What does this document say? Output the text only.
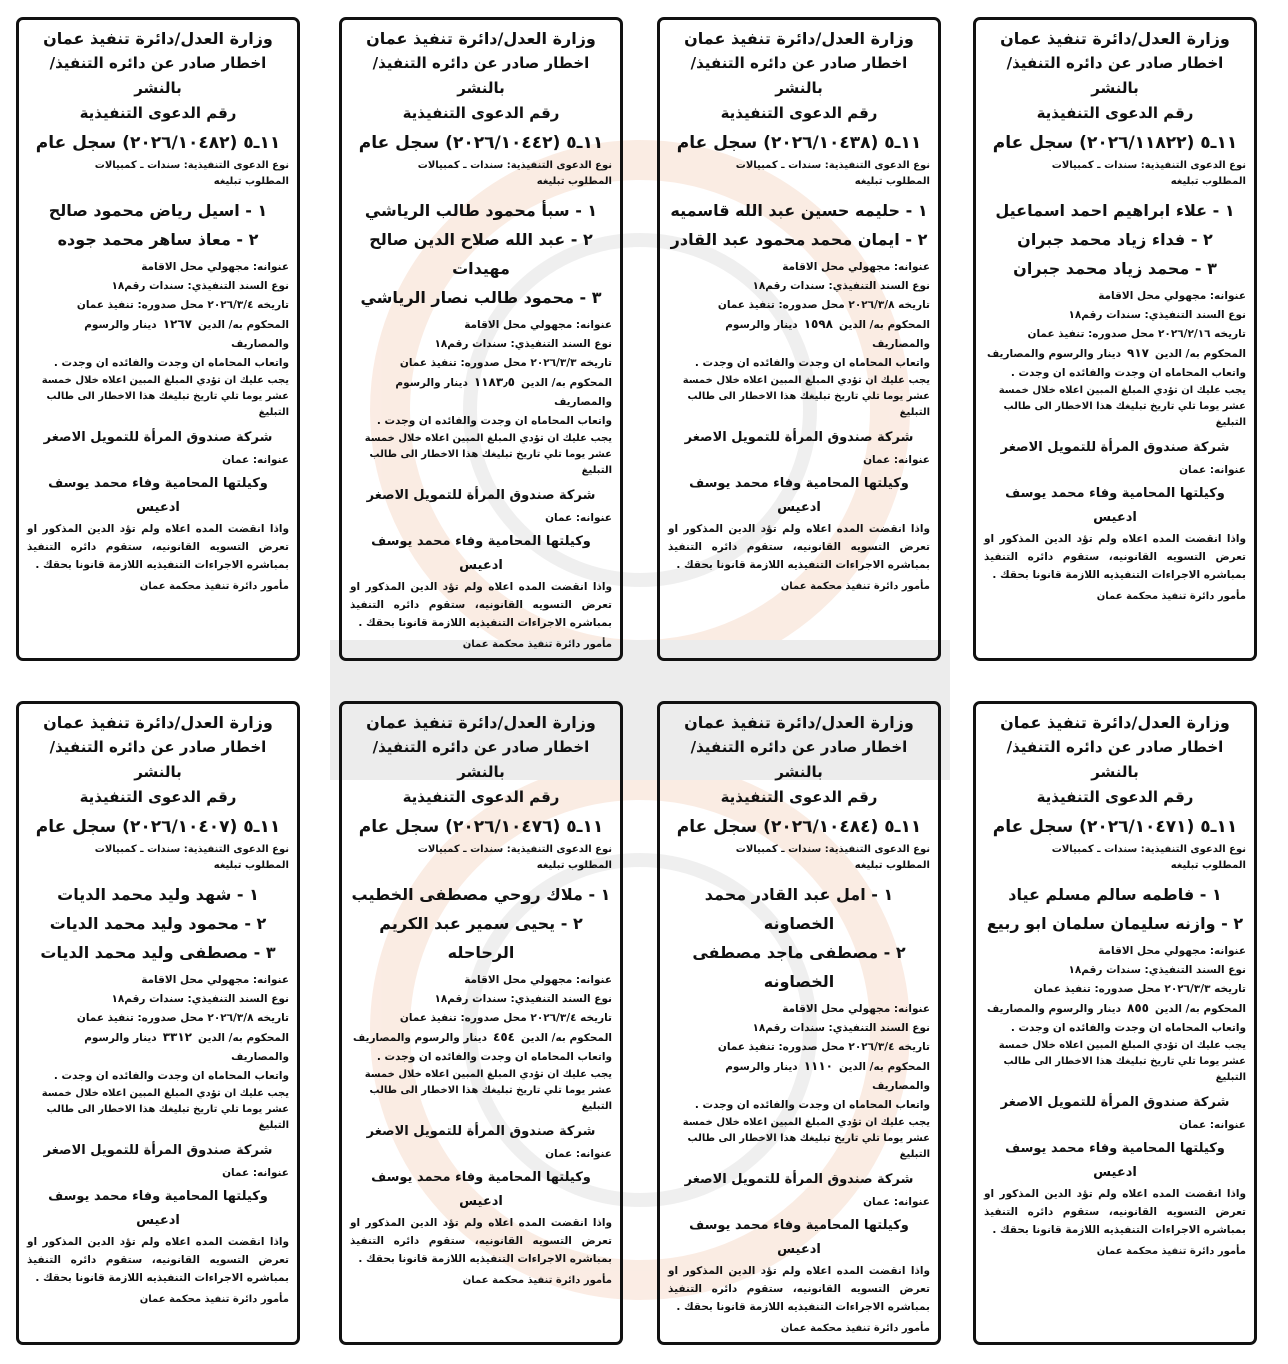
وزارة العدل/دائرة تنفيذ عمان
اخطار صادر عن دائره التنفيذ/ بالنشر
رقم الدعوى التنفيذية
١١ـ٥ (٢٠٢٦/١١٨٢٢) سجل عام
نوع الدعوى التنفيذية: سندات ـ كمبيالات
المطلوب تبليغه
١ - علاء ابراهيم احمد اسماعيل
٢ - فداء زياد محمد جبران
٣ - محمد زياد محمد جبران
عنوانه: مجهولي محل الاقامة
نوع السند التنفيذي: سندات رقم١٨
تاريخه ٢٠٢٦/٢/١٦ محل صدوره: تنفيذ عمان
المحكوم به/ الدين٩١٧دينار والرسوم والمصاريف
واتعاب المحاماه ان وجدت والفائده ان وجدت .
يجب عليك ان تؤدي المبلغ المبين اعلاه خلال خمسة عشر يوما تلي تاريخ تبليغك هذا الاخطار الى طالب التبليغ
شركة صندوق المرأة للتمويل الاصغر
عنوانه: عمان
وكيلتها المحامية وفاء محمد يوسف ادعيس
واذا انقضت المده اعلاه ولم تؤد الدين المذكور او تعرض التسويه القانونيه، ستقوم دائره التنفيذ بمباشره الاجراءات التنفيذيه اللازمة قانونا بحقك .
مأمور دائرة تنفيذ محكمة عمان
وزارة العدل/دائرة تنفيذ عمان
اخطار صادر عن دائره التنفيذ/ بالنشر
رقم الدعوى التنفيذية
١١ـ٥ (٢٠٢٦/١٠٤٣٨) سجل عام
نوع الدعوى التنفيذية: سندات ـ كمبيالات
المطلوب تبليغه
١ - حليمه حسين عبد الله قاسميه
٢ - ايمان محمد محمود عبد القادر
عنوانه: مجهولي محل الاقامة
نوع السند التنفيذي: سندات رقم١٨
تاريخه ٢٠٢٦/٣/٨ محل صدوره: تنفيذ عمان
المحكوم به/ الدين١٥٩٨دينار والرسوم والمصاريف
واتعاب المحاماه ان وجدت والفائده ان وجدت .
يجب عليك ان تؤدي المبلغ المبين اعلاه خلال خمسة عشر يوما تلي تاريخ تبليغك هذا الاخطار الى طالب التبليغ
شركة صندوق المرأة للتمويل الاصغر
عنوانه: عمان
وكيلتها المحامية وفاء محمد يوسف ادعيس
واذا انقضت المده اعلاه ولم تؤد الدين المذكور او تعرض التسويه القانونيه، ستقوم دائره التنفيذ بمباشره الاجراءات التنفيذيه اللازمة قانونا بحقك .
مأمور دائرة تنفيذ محكمة عمان
وزارة العدل/دائرة تنفيذ عمان
اخطار صادر عن دائره التنفيذ/ بالنشر
رقم الدعوى التنفيذية
١١ـ٥ (٢٠٢٦/١٠٤٤٢) سجل عام
نوع الدعوى التنفيذية: سندات ـ كمبيالات
المطلوب تبليغه
١ - سبأ محمود طالب الرياشي
٢ - عبد الله صلاح الدين صالح مهيدات
٣ - محمود طالب نصار الرياشي
عنوانه: مجهولي محل الاقامة
نوع السند التنفيذي: سندات رقم١٨
تاريخه ٢٠٢٦/٣/٣ محل صدوره: تنفيذ عمان
المحكوم به/ الدين١١٨٣٫٥دينار والرسوم والمصاريف
واتعاب المحاماه ان وجدت والفائده ان وجدت .
يجب عليك ان تؤدي المبلغ المبين اعلاه خلال خمسة عشر يوما تلي تاريخ تبليغك هذا الاخطار الى طالب التبليغ
شركة صندوق المرأة للتمويل الاصغر
عنوانه: عمان
وكيلتها المحامية وفاء محمد يوسف ادعيس
واذا انقضت المده اعلاه ولم تؤد الدين المذكور او تعرض التسويه القانونيه، ستقوم دائره التنفيذ بمباشره الاجراءات التنفيذيه اللازمة قانونا بحقك .
مأمور دائرة تنفيذ محكمة عمان
وزارة العدل/دائرة تنفيذ عمان
اخطار صادر عن دائره التنفيذ/ بالنشر
رقم الدعوى التنفيذية
١١ـ٥ (٢٠٢٦/١٠٤٨٢) سجل عام
نوع الدعوى التنفيذية: سندات ـ كمبيالات
المطلوب تبليغه
١ - اسيل رياض محمود صالح
٢ - معاذ ساهر محمد جوده
عنوانه: مجهولي محل الاقامة
نوع السند التنفيذي: سندات رقم١٨
تاريخه ٢٠٢٦/٣/٤ محل صدوره: تنفيذ عمان
المحكوم به/ الدين١٢٦٧دينار والرسوم والمصاريف
واتعاب المحاماه ان وجدت والفائده ان وجدت .
يجب عليك ان تؤدي المبلغ المبين اعلاه خلال خمسة عشر يوما تلي تاريخ تبليغك هذا الاخطار الى طالب التبليغ
شركة صندوق المرأة للتمويل الاصغر
عنوانه: عمان
وكيلتها المحامية وفاء محمد يوسف ادعيس
واذا انقضت المده اعلاه ولم تؤد الدين المذكور او تعرض التسويه القانونيه، ستقوم دائره التنفيذ بمباشره الاجراءات التنفيذيه اللازمة قانونا بحقك .
مأمور دائرة تنفيذ محكمة عمان
وزارة العدل/دائرة تنفيذ عمان
اخطار صادر عن دائره التنفيذ/ بالنشر
رقم الدعوى التنفيذية
١١ـ٥ (٢٠٢٦/١٠٤٧١) سجل عام
نوع الدعوى التنفيذية: سندات ـ كمبيالات
المطلوب تبليغه
١ - فاطمه سالم مسلم عياد
٢ - وازنه سليمان سلمان ابو ربيع
عنوانه: مجهولي محل الاقامة
نوع السند التنفيذي: سندات رقم١٨
تاريخه ٢٠٢٦/٣/٣ محل صدوره: تنفيذ عمان
المحكوم به/ الدين٨٥٥دينار والرسوم والمصاريف
واتعاب المحاماه ان وجدت والفائده ان وجدت .
يجب عليك ان تؤدي المبلغ المبين اعلاه خلال خمسة عشر يوما تلي تاريخ تبليغك هذا الاخطار الى طالب التبليغ
شركة صندوق المرأة للتمويل الاصغر
عنوانه: عمان
وكيلتها المحامية وفاء محمد يوسف ادعيس
واذا انقضت المده اعلاه ولم تؤد الدين المذكور او تعرض التسويه القانونيه، ستقوم دائره التنفيذ بمباشره الاجراءات التنفيذيه اللازمة قانونا بحقك .
مأمور دائرة تنفيذ محكمة عمان
وزارة العدل/دائرة تنفيذ عمان
اخطار صادر عن دائره التنفيذ/ بالنشر
رقم الدعوى التنفيذية
١١ـ٥ (٢٠٢٦/١٠٤٨٤) سجل عام
نوع الدعوى التنفيذية: سندات ـ كمبيالات
المطلوب تبليغه
١ - امل عبد القادر محمد الخصاونه
٢ - مصطفى ماجد مصطفى الخصاونه
عنوانه: مجهولي محل الاقامة
نوع السند التنفيذي: سندات رقم١٨
تاريخه ٢٠٢٦/٣/٤ محل صدوره: تنفيذ عمان
المحكوم به/ الدين١١١٠دينار والرسوم والمصاريف
واتعاب المحاماه ان وجدت والفائده ان وجدت .
يجب عليك ان تؤدي المبلغ المبين اعلاه خلال خمسة عشر يوما تلي تاريخ تبليغك هذا الاخطار الى طالب التبليغ
شركة صندوق المرأة للتمويل الاصغر
عنوانه: عمان
وكيلتها المحامية وفاء محمد يوسف ادعيس
واذا انقضت المده اعلاه ولم تؤد الدين المذكور او تعرض التسويه القانونيه، ستقوم دائره التنفيذ بمباشره الاجراءات التنفيذيه اللازمة قانونا بحقك .
مأمور دائرة تنفيذ محكمة عمان
وزارة العدل/دائرة تنفيذ عمان
اخطار صادر عن دائره التنفيذ/ بالنشر
رقم الدعوى التنفيذية
١١ـ٥ (٢٠٢٦/١٠٤٧٦) سجل عام
نوع الدعوى التنفيذية: سندات ـ كمبيالات
المطلوب تبليغه
١ - ملاك روحي مصطفى الخطيب
٢ - يحيى سمير عبد الكريم الرحاحله
عنوانه: مجهولي محل الاقامة
نوع السند التنفيذي: سندات رقم١٨
تاريخه ٢٠٢٦/٣/٤ محل صدوره: تنفيذ عمان
المحكوم به/ الدين٤٥٤دينار والرسوم والمصاريف
واتعاب المحاماه ان وجدت والفائده ان وجدت .
يجب عليك ان تؤدي المبلغ المبين اعلاه خلال خمسة عشر يوما تلي تاريخ تبليغك هذا الاخطار الى طالب التبليغ
شركة صندوق المرأة للتمويل الاصغر
عنوانه: عمان
وكيلتها المحامية وفاء محمد يوسف ادعيس
واذا انقضت المده اعلاه ولم تؤد الدين المذكور او تعرض التسويه القانونيه، ستقوم دائره التنفيذ بمباشره الاجراءات التنفيذيه اللازمة قانونا بحقك .
مأمور دائرة تنفيذ محكمة عمان
وزارة العدل/دائرة تنفيذ عمان
اخطار صادر عن دائره التنفيذ/ بالنشر
رقم الدعوى التنفيذية
١١ـ٥ (٢٠٢٦/١٠٤٠٧) سجل عام
نوع الدعوى التنفيذية: سندات ـ كمبيالات
المطلوب تبليغه
١ - شهد وليد محمد الديات
٢ - محمود وليد محمد الديات
٣ - مصطفى وليد محمد الديات
عنوانه: مجهولي محل الاقامة
نوع السند التنفيذي: سندات رقم١٨
تاريخه ٢٠٢٦/٣/٨ محل صدوره: تنفيذ عمان
المحكوم به/ الدين٣٣١٢دينار والرسوم والمصاريف
واتعاب المحاماه ان وجدت والفائده ان وجدت .
يجب عليك ان تؤدي المبلغ المبين اعلاه خلال خمسة عشر يوما تلي تاريخ تبليغك هذا الاخطار الى طالب التبليغ
شركة صندوق المرأة للتمويل الاصغر
عنوانه: عمان
وكيلتها المحامية وفاء محمد يوسف ادعيس
واذا انقضت المده اعلاه ولم تؤد الدين المذكور او تعرض التسويه القانونيه، ستقوم دائره التنفيذ بمباشره الاجراءات التنفيذيه اللازمة قانونا بحقك .
مأمور دائرة تنفيذ محكمة عمان
